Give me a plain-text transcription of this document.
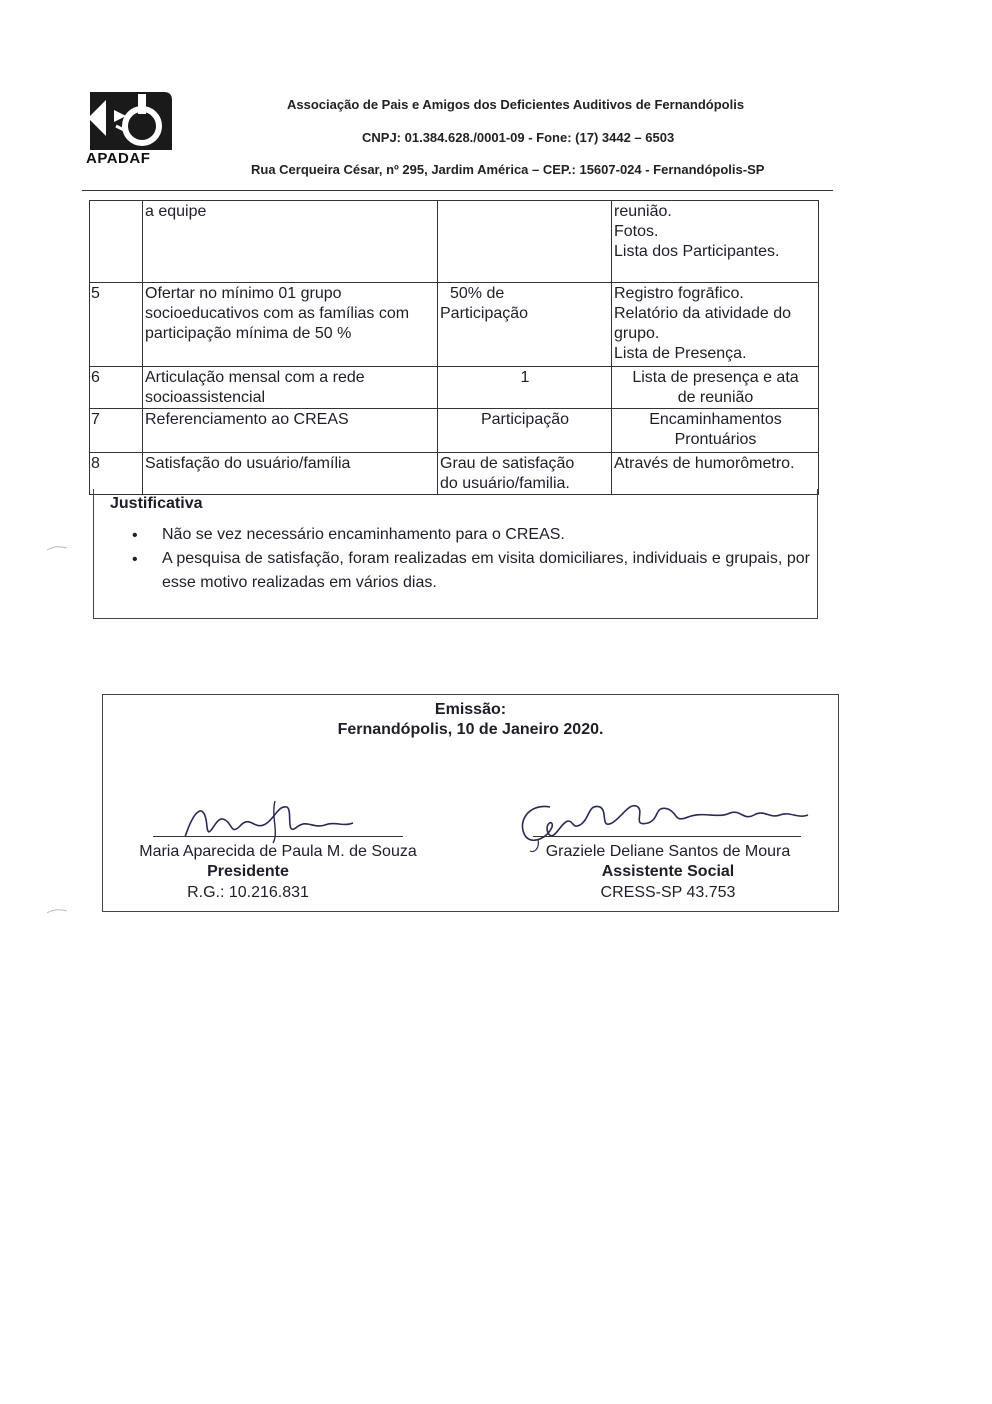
APADAF
Associação de Pais e Amigos dos Deficientes Auditivos de Fernandópolis
CNPJ: 01.384.628./0001-09 - Fone: (17) 3442 – 6503
Rua Cerqueira César, nº 295, Jardim América – CEP.: 15607-024 - Fernandópolis-SP
	a equipe		reunião.
Fotos.
Lista dos Participantes.

5	Ofertar no mínimo 01 grupo socioeducativos com as famílias com participação mínima de 50 %	50% de
Participação	Registro fogrāfico.
Relatório da atividade do
grupo.
Lista de Presença.

6	Articulação mensal com a rede socioassistencial	1	Lista de presença e ata
de reunião

7	Referenciamento ao CREAS	Participação	Encaminhamentos
Prontuários

8	Satisfação do usuário/família	Grau de satisfação
do usuário/familia.	Através de humorômetro.
Justificativa
• Não se vez necessário encaminhamento para o CREAS.
• A pesquisa de satisfação, foram realizadas em visita domiciliares, individuais e grupais, por esse motivo realizadas em vários dias.
Emissão:
Fernandópolis, 10 de Janeiro 2020.
Maria Aparecida de Paula M. de Souza
Presidente
R.G.: 10.216.831
Graziele Deliane Santos de Moura
Assistente Social
CRESS-SP 43.753
